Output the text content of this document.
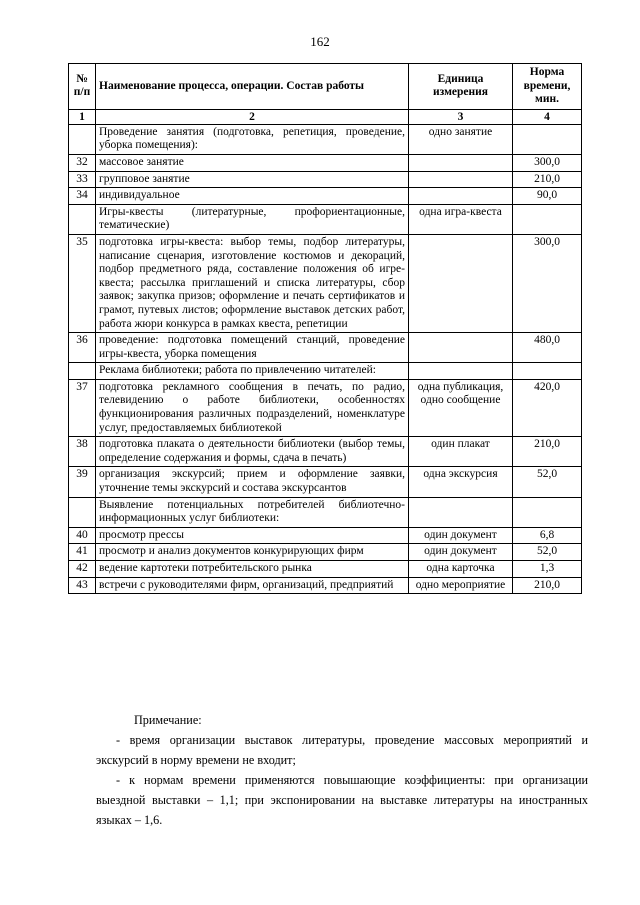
162
№ п/п	Наименование процесса, операции. Состав работы	Единица измерения	Норма времени, мин.
1	2	3	4
	Проведение занятия (подготовка, репетиция, проведение, уборка помещения):	одно занятие	
32	массовое занятие		300,0
33	групповое занятие		210,0
34	индивидуальное		90,0
	Игры-квесты (литературные, профориентационные, тематические)	одна игра-квеста	
35	подготовка игры-квеста: выбор темы, подбор литературы, написание сценария, изготовление костюмов и декораций, подбор предметного ряда, составление положения об игре-квеста; рассылка приглашений и списка литературы, сбор заявок; закупка призов; оформление и печать сертификатов и грамот, путевых листов; оформление выставок детских работ, работа жюри конкурса в рамках квеста, репетиции		300,0
36	проведение: подготовка помещений станций, проведение игры-квеста, уборка помещения		480,0
	Реклама библиотеки; работа по привлечению читателей:		
37	подготовка рекламного сообщения в печать, по радио, телевидению о работе библиотеки, особенностях функционирования различных подразделений, номенклатуре услуг, предоставляемых библиотекой	одна публикация, одно сообщение	420,0
38	подготовка плаката о деятельности библиотеки (выбор темы, определение содержания и формы, сдача в печать)	один плакат	210,0
39	организация экскурсий; прием и оформление заявки, уточнение темы экскурсий и состава экскурсантов	одна экскурсия	52,0
	Выявление потенциальных потребителей библиотечно-информационных услуг библиотеки:		
40	просмотр прессы	один документ	6,8
41	просмотр и анализ документов конкурирующих фирм	один документ	52,0
42	ведение картотеки потребительского рынка	одна карточка	1,3
43	встречи с руководителями фирм, организаций, предприятий	одно мероприятие	210,0

Примечание:

- время организации выставок литературы, проведение массовых мероприятий и экскурсий в норму времени не входит;

- к нормам времени применяются повышающие коэффициенты: при организации выездной выставки – 1,1; при экспонировании на выставке литературы на иностранных языках – 1,6.
